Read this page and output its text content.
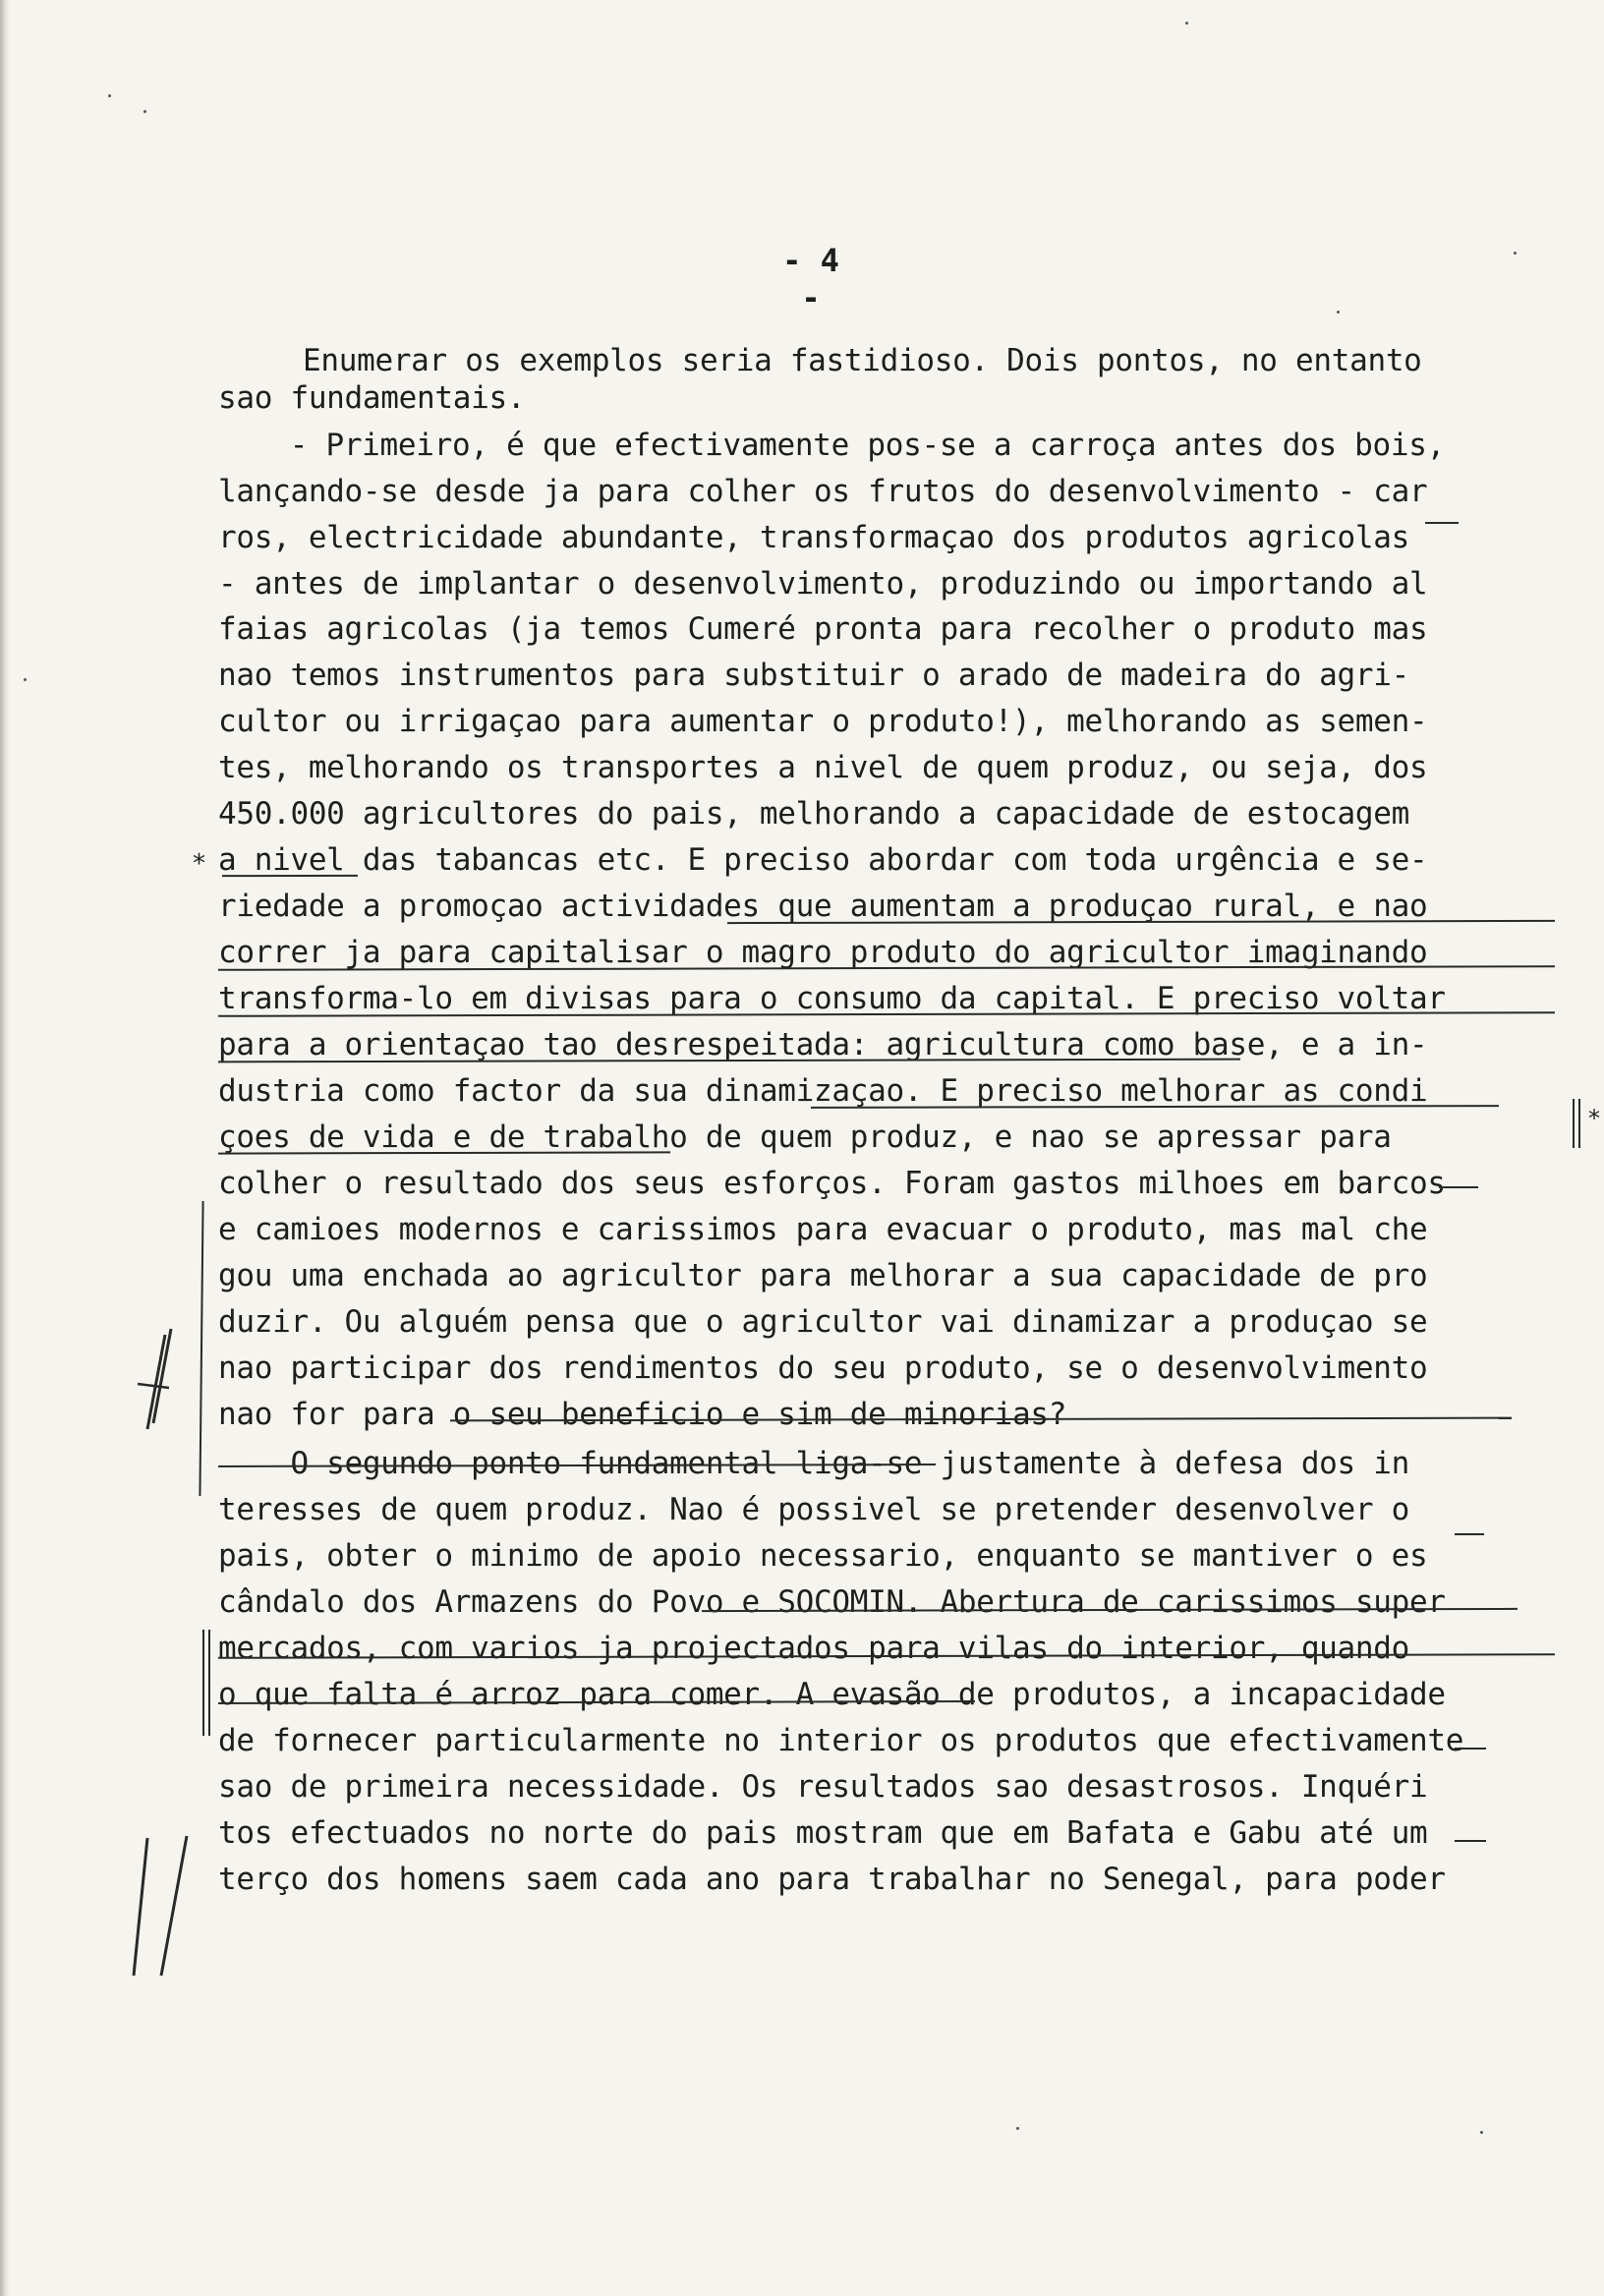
- 4 -
Enumerar os exemplos seria fastidioso. Dois pontos, no entanto
sao fundamentais.
- Primeiro, é que efectivamente pos-se a carroça antes dos bois,
lançando-se desde ja para colher os frutos do desenvolvimento - car
ros, electricidade abundante, transformaçao dos produtos agricolas
- antes de implantar o desenvolvimento, produzindo ou importando al
faias agricolas (ja temos Cumeré pronta para recolher o produto mas
nao temos instrumentos para substituir o arado de madeira do agri-
cultor ou irrigaçao para aumentar o produto!), melhorando as semen-
tes, melhorando os transportes a nivel de quem produz, ou seja, dos
450.000 agricultores do pais, melhorando a capacidade de estocagem
a nivel das tabancas etc. E preciso abordar com toda urgência e se-
riedade a promoçao actividades que aumentam a produçao rural, e nao
correr ja para capitalisar o magro produto do agricultor imaginando
transforma-lo em divisas para o consumo da capital. E preciso voltar
para a orientaçao tao desrespeitada: agricultura como base, e a in-
dustria como factor da sua dinamizaçao. E preciso melhorar as condi
çoes de vida e de trabalho de quem produz, e nao se apressar para
colher o resultado dos seus esforços. Foram gastos milhoes em barcos
e camioes modernos e carissimos para evacuar o produto, mas mal che
gou uma enchada ao agricultor para melhorar a sua capacidade de pro
duzir. Ou alguém pensa que o agricultor vai dinamizar a produçao se
nao participar dos rendimentos do seu produto, se o desenvolvimento
nao for para o seu beneficio e sim de minorias?
O segundo ponto fundamental liga-se justamente à defesa dos in
teresses de quem produz. Nao é possivel se pretender desenvolver o
pais, obter o minimo de apoio necessario, enquanto se mantiver o es
cândalo dos Armazens do Povo e SOCOMIN. Abertura de carissimos super
mercados, com varios ja projectados para vilas do interior, quando
o que falta é arroz para comer. A evasão de produtos, a incapacidade
de fornecer particularmente no interior os produtos que efectivamente
sao de primeira necessidade. Os resultados sao desastrosos. Inquéri
tos efectuados no norte do pais mostram que em Bafata e Gabu até um
terço dos homens saem cada ano para trabalhar no Senegal, para poder
*
*
